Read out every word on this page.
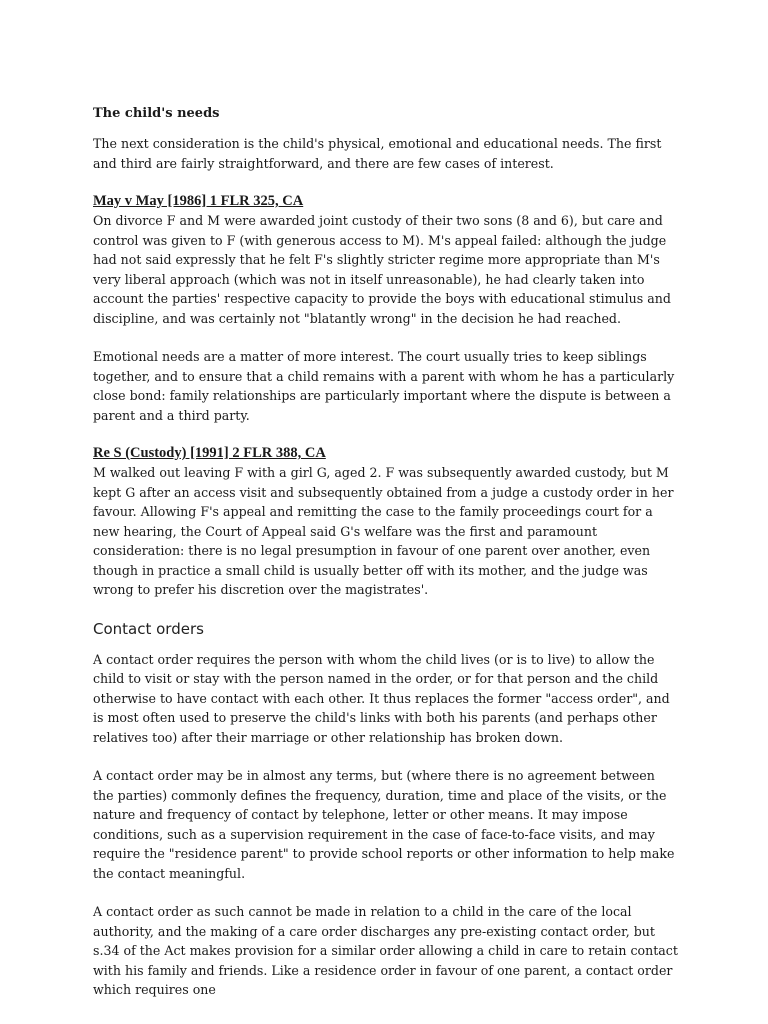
The child's needs

The next consideration is the child's physical, emotional and educational needs. The first and third are fairly straightforward, and there are few cases of interest.

May v May [1986] 1 FLR 325, CA

On divorce F and M were awarded joint custody of their two sons (8 and 6), but care and control was given to F (with generous access to M). M's appeal failed: although the judge had not said expressly that he felt F's slightly stricter regime more appropriate than M's very liberal approach (which was not in itself unreasonable), he had clearly taken into account the parties' respective capacity to provide the boys with educational stimulus and discipline, and was certainly not "blatantly wrong" in the decision he had reached.

Emotional needs are a matter of more interest. The court usually tries to keep siblings together, and to ensure that a child remains with a parent with whom he has a particularly close bond: family relationships are particularly important where the dispute is between a parent and a third party.

Re S (Custody) [1991] 2 FLR 388, CA

M walked out leaving F with a girl G, aged 2. F was subsequently awarded custody, but M kept G after an access visit and subsequently obtained from a judge a custody order in her favour. Allowing F's appeal and remitting the case to the family proceedings court for a new hearing, the Court of Appeal said G's welfare was the first and paramount consideration: there is no legal presumption in favour of one parent over another, even though in practice a small child is usually better off with its mother, and the judge was wrong to prefer his discretion over the magistrates'.

Contact orders

A contact order requires the person with whom the child lives (or is to live) to allow the child to visit or stay with the person named in the order, or for that person and the child otherwise to have contact with each other. It thus replaces the former "access order", and is most often used to preserve the child's links with both his parents (and perhaps other relatives too) after their marriage or other relationship has broken down.

A contact order may be in almost any terms, but (where there is no agreement between the parties) commonly defines the frequency, duration, time and place of the visits, or the nature and frequency of contact by telephone, letter or other means. It may impose conditions, such as a supervision requirement in the case of face-to-face visits, and may require the "residence parent" to provide school reports or other information to help make the contact meaningful.

A contact order as such cannot be made in relation to a child in the care of the local authority, and the making of a care order discharges any pre-existing contact order, but s.34 of the Act makes provision for a similar order allowing a child in care to retain contact with his family and friends. Like a residence order in favour of one parent, a contact order which requires one
